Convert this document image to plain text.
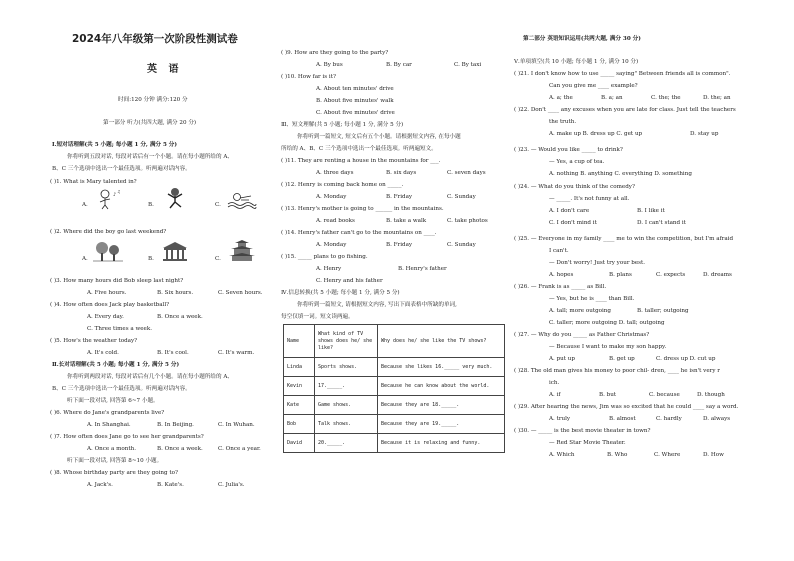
2024年八年级第一次阶段性测试卷
英 语
时间:120 分钟 满分:120 分
第一部分 听力(共四大题, 满分 20 分)
Ⅰ.短对话理解(共 5 小题; 每小题 1 分, 满分 5 分)
你将听到五段对话, 每段对话后有一个小题。请在每小题所给的 A、
B、C 三个选项中选出一个最佳选项。听两遍对话内容。
( )1. What is Mary talented in?
A.
♪
♫
B.	C.
( )2. Where did the boy go last weekend?
A.	B.	C.
( )3. How many hours did Bob sleep last night?
A. Five hours.	B. Six hours.	C. Seven hours.
( )4. How often does Jack play basketball?
A. Every day.	B. Once a week.
C. Three times a week.
( )5. How's the weather today?
A. It's cold.	B. It's cool.	C. It's warm.
Ⅱ.长对话理解(共 5 小题; 每小题 1 分, 满分 5 分)
你将听到两段对话, 每段对话后有几个小题。请在每小题所给的 A、
B、C 三个选项中选出一个最佳选项。听两遍对话内容。
听下面一段对话, 回答第 6~7 小题。
( )6. Where do Jane's grandparents live?
A. In Shanghai.	B. In Beijing.	C. In Wuhan.
( )7. How often does Jane go to see her grandparents?
A. Once a month.	B. Once a week.	C. Once a year.
听下面一段对话, 回答第 8~10 小题。
( )8. Whose birthday party are they going to?
A. Jack's.	B. Kate's.	C. Julia's.
( )9. How are they going to the party?
A. By bus	B. By car	C. By taxi
( )10. How far is it?
A. About ten minutes' drive
B. About five minutes' walk
C. About five minutes' drive
Ⅲ、短文理解(共 5 小题; 每小题 1 分, 满分 5 分)
你将听到一篇短文, 短文后有五个小题。请根据短文内容, 在每小题
所给的 A、B、C 三个选项中选出一个最佳选项。听两遍短文。
( )11. They are renting a house in the mountains for ___.
A. three days	B. six days	C. seven days
( )12. Henry is coming back home on _____.
A. Monday	B. Friday	C. Sunday
( )13. Henry's mother is going to ______ in the mountains.
A. read books	B. take a walk	C. take photos
( )14. Henry's father can't go to the mountains on ____.
A. Monday	B. Friday	C. Sunday
( )15. _____ plans to go fishing.
A. Henry	B. Henry's father
C. Henry and his father
Ⅳ.信息转换(共 5 小题; 每小题 1 分, 满分 5 分)
你将听到一篇短文, 请根据短文内容, 写出下面表格中所缺的单词,
每空仅填一词。短文读两遍。
Name	What kind of TV shows does he/ she like?	Why does he/ she like the TV shows?
Linda	Sports shows.	Because she likes 16._____ very much.
Kevin	17._____.	Because he can know about the world.
Kate	Game shows.	Because they are 18._____.
Bob	Talk shows.	Because they are 19._____.
David	20._____.	Because it is relaxing and funny.
第二部分 英语知识运用(共两大题, 满分 30 分)
Ⅴ.单项填空(共 10 小题; 每小题 1 分, 满分 10 分)
( )21. I don't know how to use _____ saying" Between friends all is common".
Can you give me ____ example?
A. a; the	B. a; an	C. the; the	D. the; an
( )22. Don't ____ any excuses when you are late for class. Just tell the teachers
the truth.
A. make up B. dress up C. get up	D. stay up
( )23. — Would you like _____ to drink?
— Yes, a cup of tea.
A. nothing B. anything C. everything D. something
( )24. — What do you think of the comedy?
— _____. It's not funny at all.
A. I don't care	B. I like it
C. I don't mind it	D. I can't stand it
( )25. — Everyone in my family ____ me to win the competition, but I'm afraid
I can't.
— Don't worry! Just try your best.
A. hopes	B. plans	C. expects	D. dreams
( )26. — Frank is as _____ as Bill.
— Yes, but he is ____ than Bill.
A. tall; more outgoing	B. taller; outgoing
C. taller; more outgoing D. tall; outgoing
( )27. — Why do you _____ as Father Christmas?
— Because I want to make my son happy.
A. put up	B. get up	C. dress up D. cut up
( )28. The old man gives his money to poor chil- dren, ____ he isn't very r
ich.
A. if	B. but	C. because	D. though
( )29. After hearing the news, Jim was so excited that he could ____ say a word.
A. truly	B. almost	C. hardly	D. always
( )30. — _____ is the best movie theater in town?
— Red Star Movie Theater.
A. Which	B. Who	C. Where	D. How
